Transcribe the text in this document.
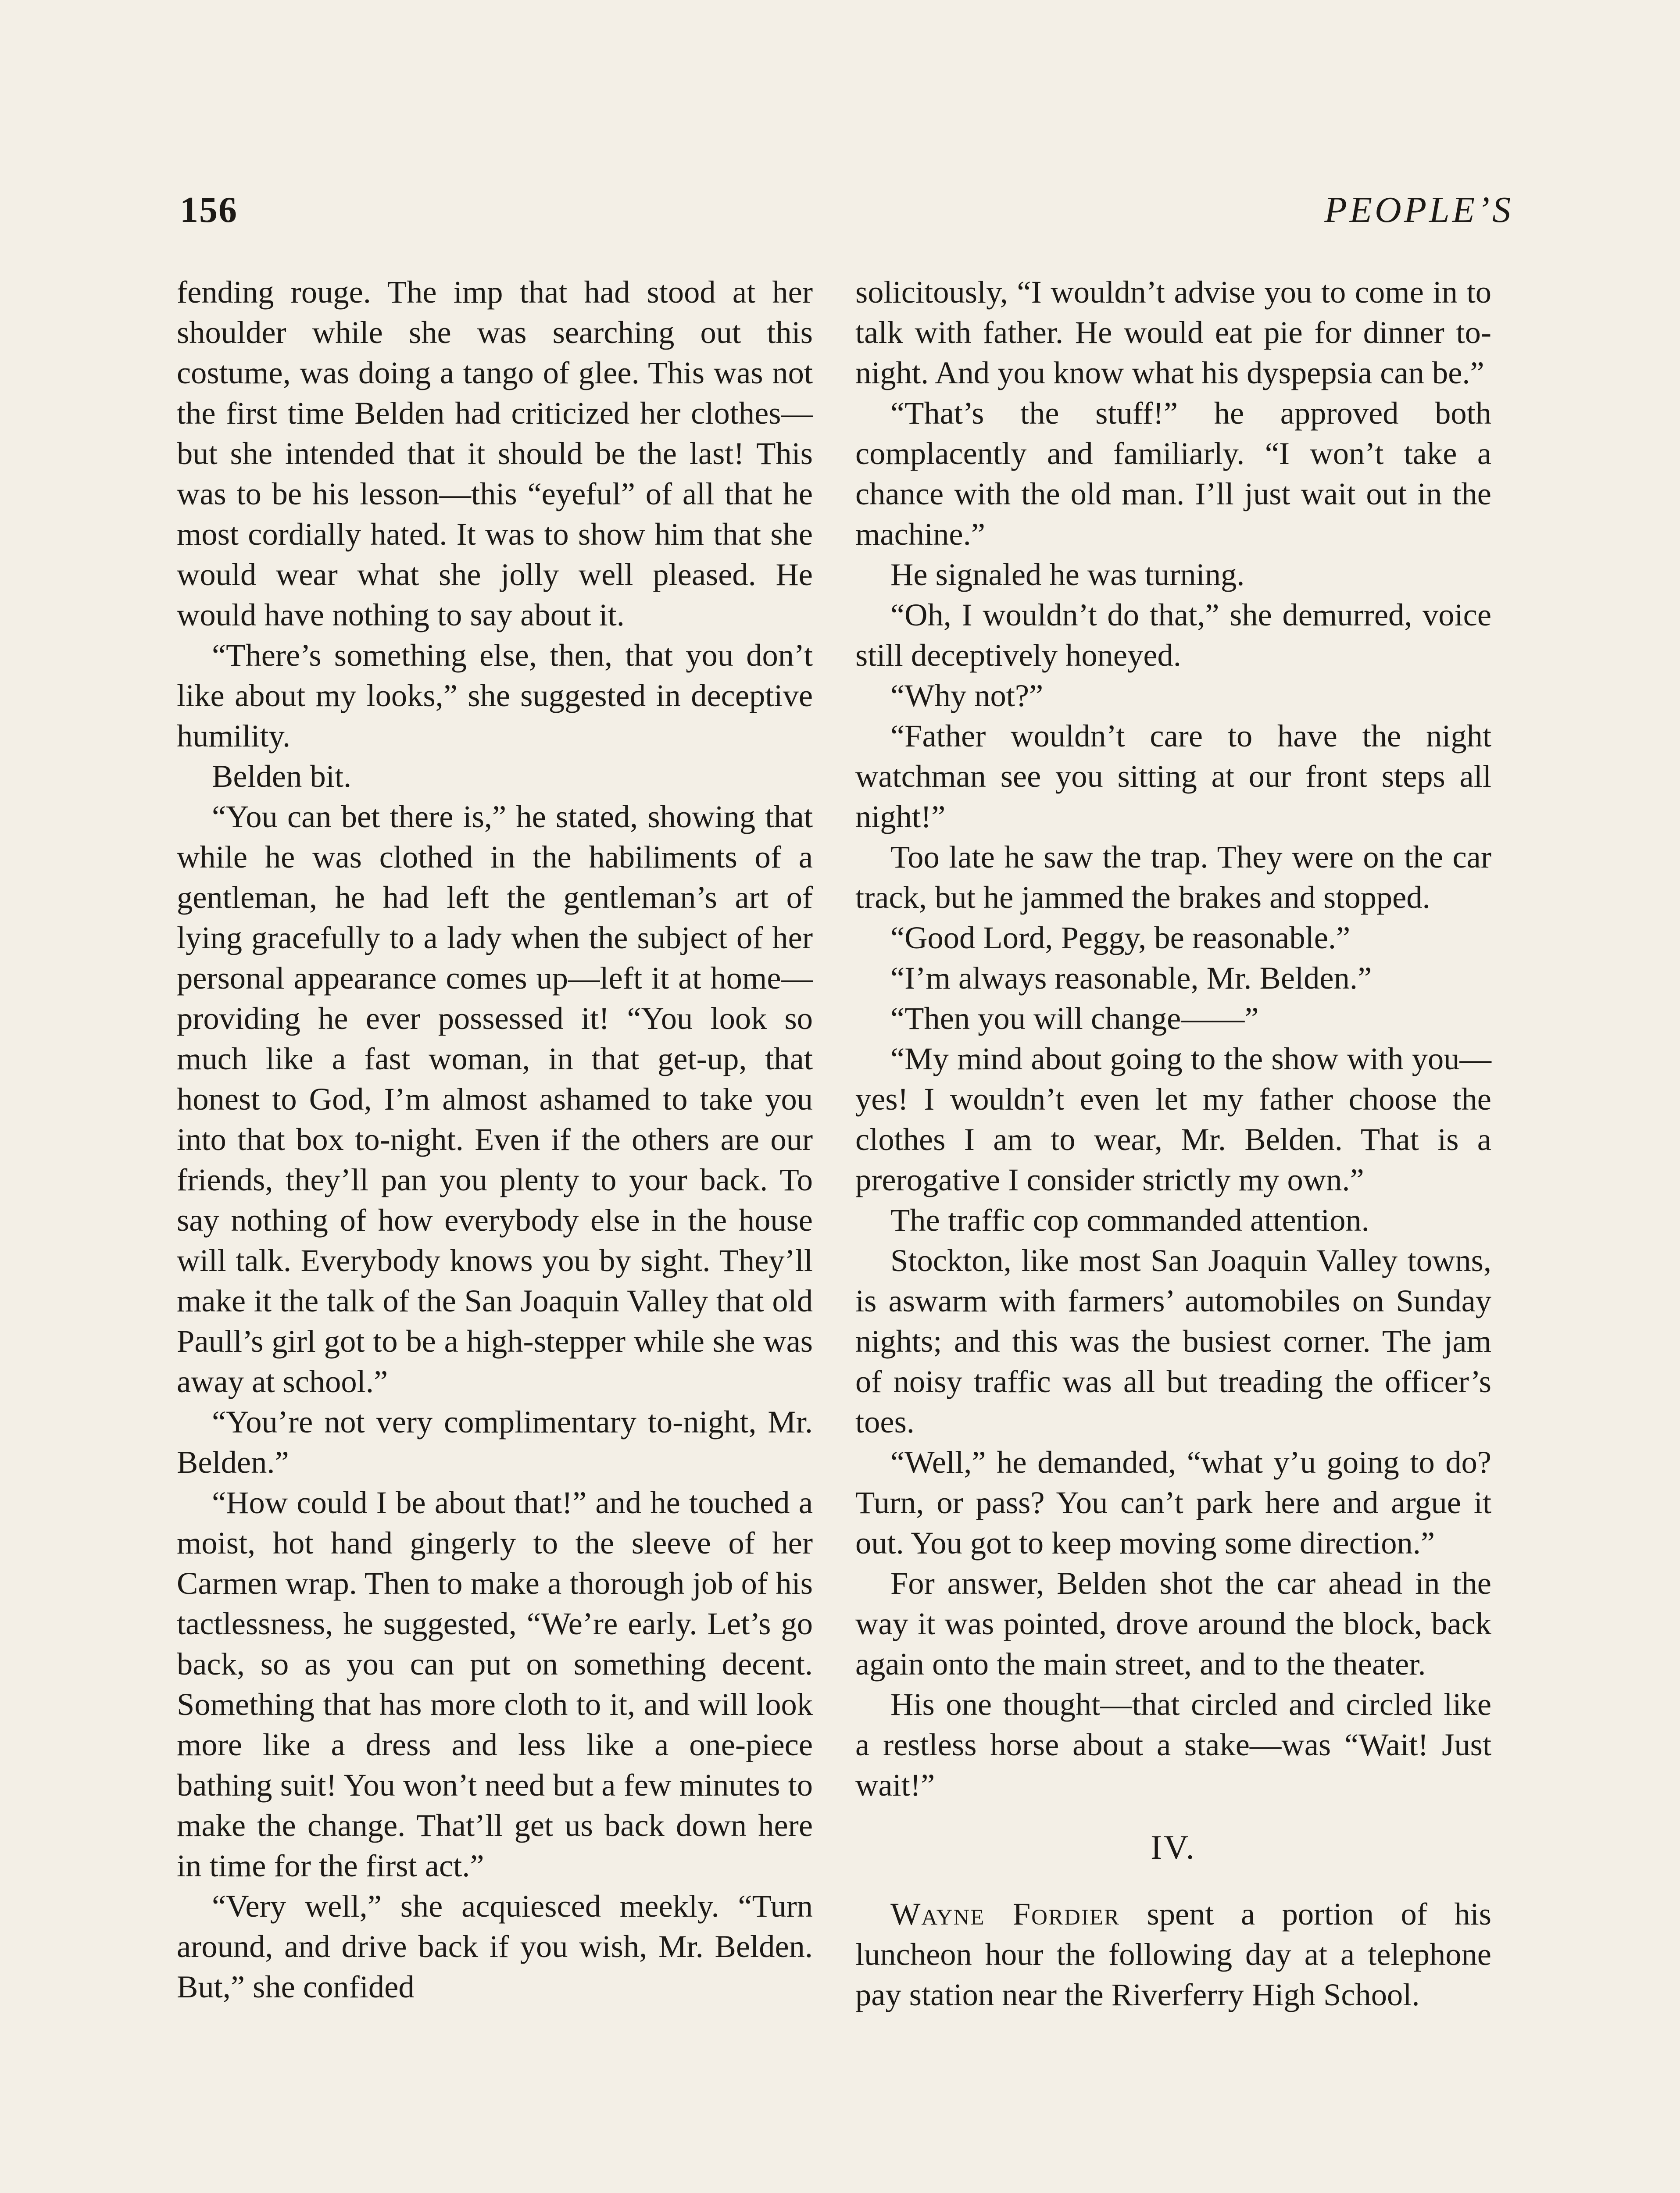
156	PEOPLE’S

fending rouge. The imp that had stood at her shoulder while she was searching out this costume, was doing a tango of glee. This was not the first time Belden had criticized her clothes—but she intended that it should be the last! This was to be his lesson—this “eyeful” of all that he most cordially hated. It was to show him that she would wear what she jolly well pleased. He would have nothing to say about it.

“There’s something else, then, that you don’t like about my looks,” she suggested in deceptive humility.

Belden bit.

“You can bet there is,” he stated, showing that while he was clothed in the habiliments of a gentleman, he had left the gentleman’s art of lying gracefully to a lady when the subject of her personal appearance comes up—left it at home—providing he ever possessed it! “You look so much like a fast woman, in that get-up, that honest to God, I’m almost ashamed to take you into that box to-night. Even if the others are our friends, they’ll pan you plenty to your back. To say nothing of how everybody else in the house will talk. Everybody knows you by sight. They’ll make it the talk of the San Joaquin Valley that old Paull’s girl got to be a high-stepper while she was away at school.”

“You’re not very complimentary to-night, Mr. Belden.”

“How could I be about that!” and he touched a moist, hot hand gingerly to the sleeve of her Carmen wrap. Then to make a thorough job of his tactlessness, he suggested, “We’re early. Let’s go back, so as you can put on something decent. Something that has more cloth to it, and will look more like a dress and less like a one-piece bathing suit! You won’t need but a few minutes to make the change. That’ll get us back down here in time for the first act.”

“Very well,” she acquiesced meekly. “Turn around, and drive back if you wish, Mr. Belden. But,” she confided

solicitously, “I wouldn’t advise you to come in to talk with father. He would eat pie for dinner to-night. And you know what his dyspepsia can be.”

“That’s the stuff!” he approved both complacently and familiarly. “I won’t take a chance with the old man. I’ll just wait out in the machine.”

He signaled he was turning.

“Oh, I wouldn’t do that,” she demurred, voice still deceptively honeyed.

“Why not?”

“Father wouldn’t care to have the night watchman see you sitting at our front steps all night!”

Too late he saw the trap. They were on the car track, but he jammed the brakes and stopped.

“Good Lord, Peggy, be reasonable.”

“I’m always reasonable, Mr. Belden.”

“Then you will change——”

“My mind about going to the show with you—yes! I wouldn’t even let my father choose the clothes I am to wear, Mr. Belden. That is a prerogative I consider strictly my own.”

The traffic cop commanded attention.

Stockton, like most San Joaquin Valley towns, is aswarm with farmers’ automobiles on Sunday nights; and this was the busiest corner. The jam of noisy traffic was all but treading the officer’s toes.

“Well,” he demanded, “what y’u going to do? Turn, or pass? You can’t park here and argue it out. You got to keep moving some direction.”

For answer, Belden shot the car ahead in the way it was pointed, drove around the block, back again onto the main street, and to the theater.

His one thought—that circled and circled like a restless horse about a stake—was “Wait! Just wait!”

IV.

Wayne Fordier spent a portion of his luncheon hour the following day at a telephone pay station near the Riverferry High School.
